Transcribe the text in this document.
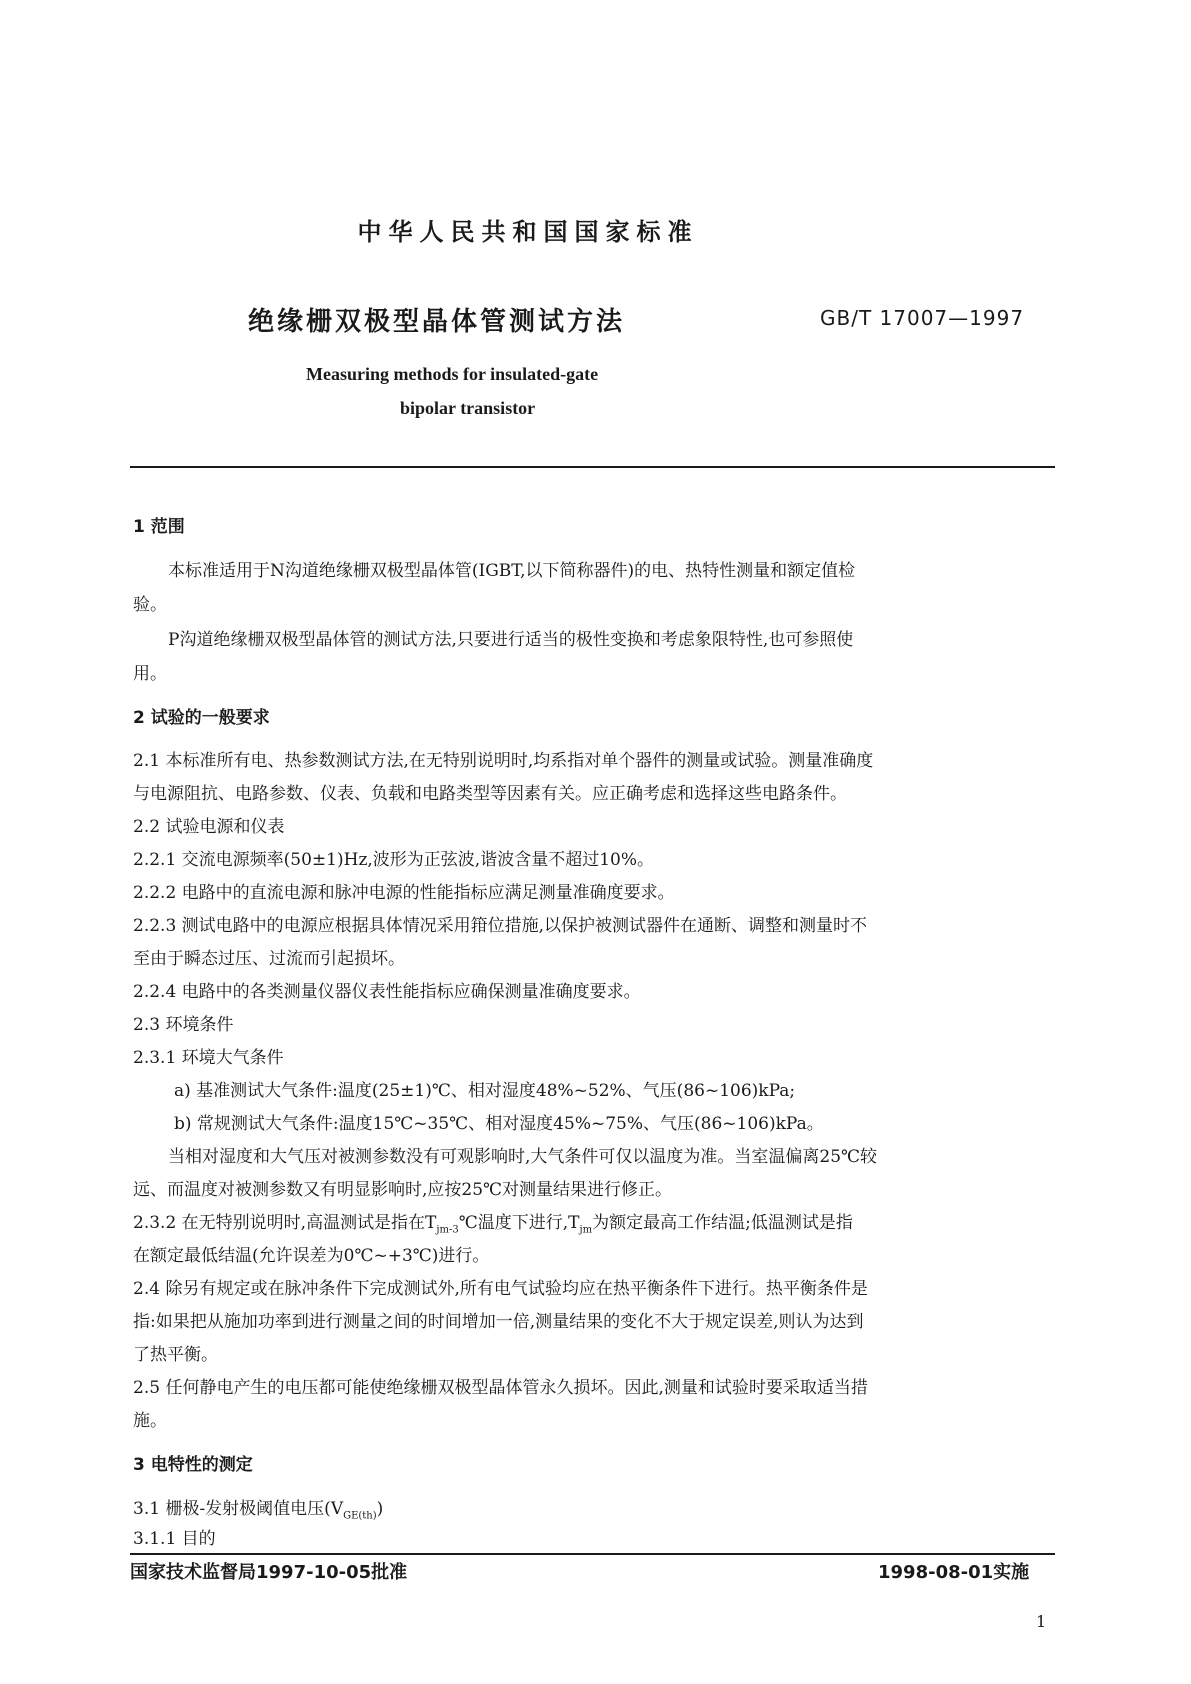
中华人民共和国国家标准
绝缘栅双极型晶体管测试方法	GB/T 17007—1997
Measuring methods for insulated-gate
bipolar transistor
1 范围
本标准适用于N沟道绝缘栅双极型晶体管(IGBT,以下简称器件)的电、热特性测量和额定值检
验。
P沟道绝缘栅双极型晶体管的测试方法,只要进行适当的极性变换和考虑象限特性,也可参照使
用。
2 试验的一般要求
2.1 本标准所有电、热参数测试方法,在无特别说明时,均系指对单个器件的测量或试验。测量准确度
与电源阻抗、电路参数、仪表、负载和电路类型等因素有关。应正确考虑和选择这些电路条件。
2.2 试验电源和仪表
2.2.1 交流电源频率(50±1)Hz,波形为正弦波,谐波含量不超过10%。
2.2.2 电路中的直流电源和脉冲电源的性能指标应满足测量准确度要求。
2.2.3 测试电路中的电源应根据具体情况采用箝位措施,以保护被测试器件在通断、调整和测量时不
至由于瞬态过压、过流而引起损坏。
2.2.4 电路中的各类测量仪器仪表性能指标应确保测量准确度要求。
2.3 环境条件
2.3.1 环境大气条件
a) 基准测试大气条件:温度(25±1)℃、相对湿度48%~52%、气压(86~106)kPa;
b) 常规测试大气条件:温度15℃~35℃、相对湿度45%~75%、气压(86~106)kPa。
当相对湿度和大气压对被测参数没有可观影响时,大气条件可仅以温度为准。当室温偏离25℃较
远、而温度对被测参数又有明显影响时,应按25℃对测量结果进行修正。
2.3.2 在无特别说明时,高温测试是指在$T_{jm-3}℃$温度下进行$,T_{jm}$为额定最高工作结温;低温测试是指
在额定最低结温(允许误差为0℃~+3℃)进行。
2.4 除另有规定或在脉冲条件下完成测试外,所有电气试验均应在热平衡条件下进行。热平衡条件是
指:如果把从施加功率到进行测量之间的时间增加一倍,测量结果的变化不大于规定误差,则认为达到
了热平衡。
2.5 任何静电产生的电压都可能使绝缘栅双极型晶体管永久损坏。因此,测量和试验时要采取适当措
施。
3 电特性的测定
3.1 栅极-发射极阈值电压$(V_{GE(th)})$
3.1.1 目的
国家技术监督局1997-10-05批准	1998-08-01实施
1
